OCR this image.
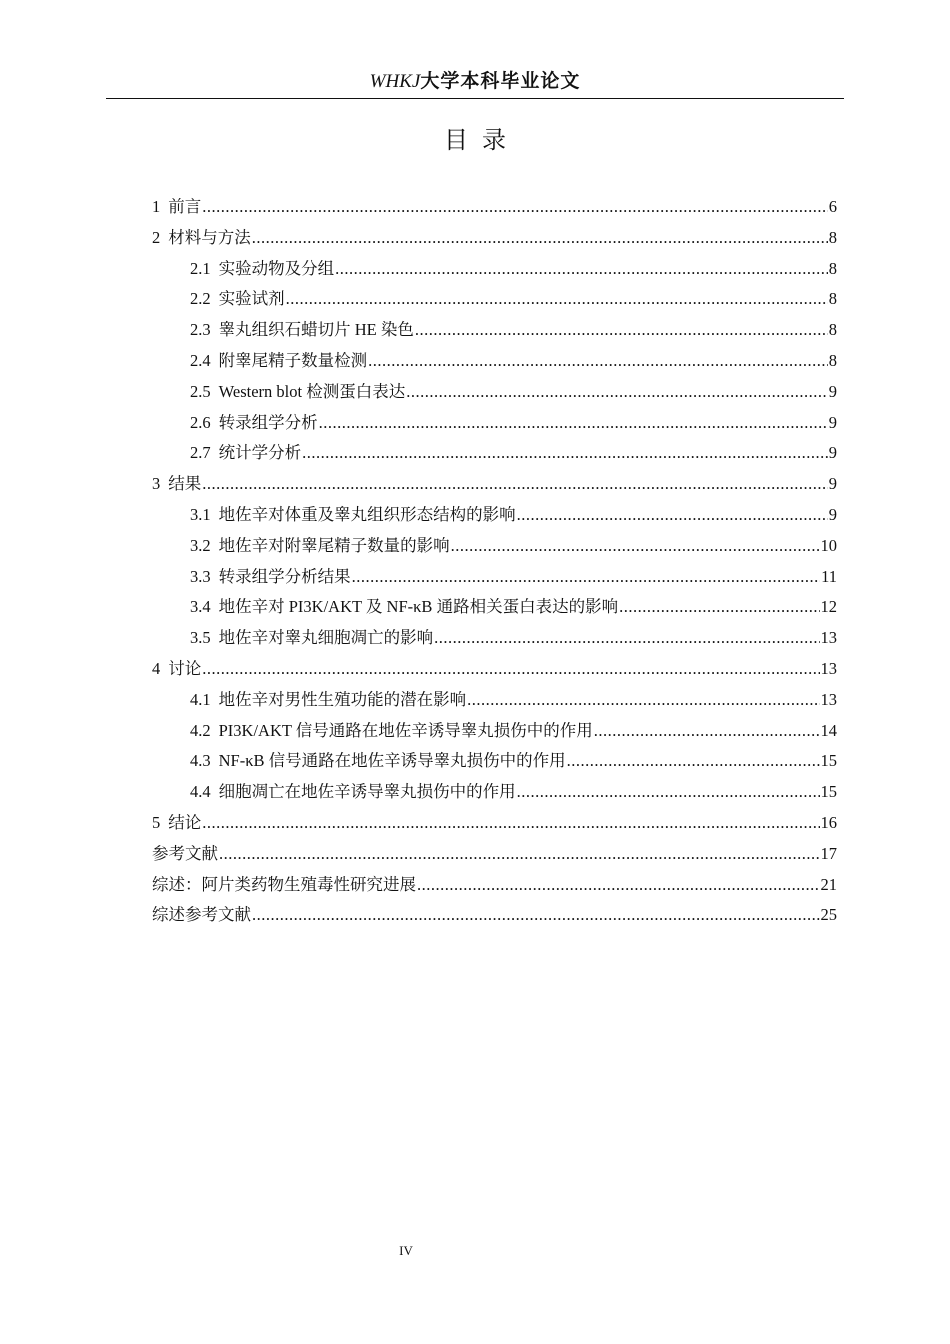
WHKJ大学本科毕业论文
目录
1 前言 .....	6
2 材料与方法 .....	8
2.1 实验动物及分组 .....	8
2.2 实验试剂 .....	8
2.3 睾丸组织石蜡切片 HE 染色 .....	8
2.4 附睾尾精子数量检测 .....	8
2.5 Western blot 检测蛋白表达 .....	9
2.6 转录组学分析 .....	9
2.7 统计学分析 .....	9
3 结果 .....	9
3.1 地佐辛对体重及睾丸组织形态结构的影响 .....	9
3.2 地佐辛对附睾尾精子数量的影响 .....	10
3.3 转录组学分析结果 .....	11
3.4 地佐辛对 PI3K/AKT 及 NF-κB 通路相关蛋白表达的影响 .....	12
3.5 地佐辛对睾丸细胞凋亡的影响 .....	13
4 讨论 .....	13
4.1 地佐辛对男性生殖功能的潜在影响 .....	13
4.2 PI3K/AKT 信号通路在地佐辛诱导睾丸损伤中的作用 .....	14
4.3 NF-κB 信号通路在地佐辛诱导睾丸损伤中的作用 .....	15
4.4 细胞凋亡在地佐辛诱导睾丸损伤中的作用 .....	15
5 结论 .....	16
参考文献 .....	17
综述：阿片类药物生殖毒性研究进展 .....	21
综述参考文献 .....	25
IV
